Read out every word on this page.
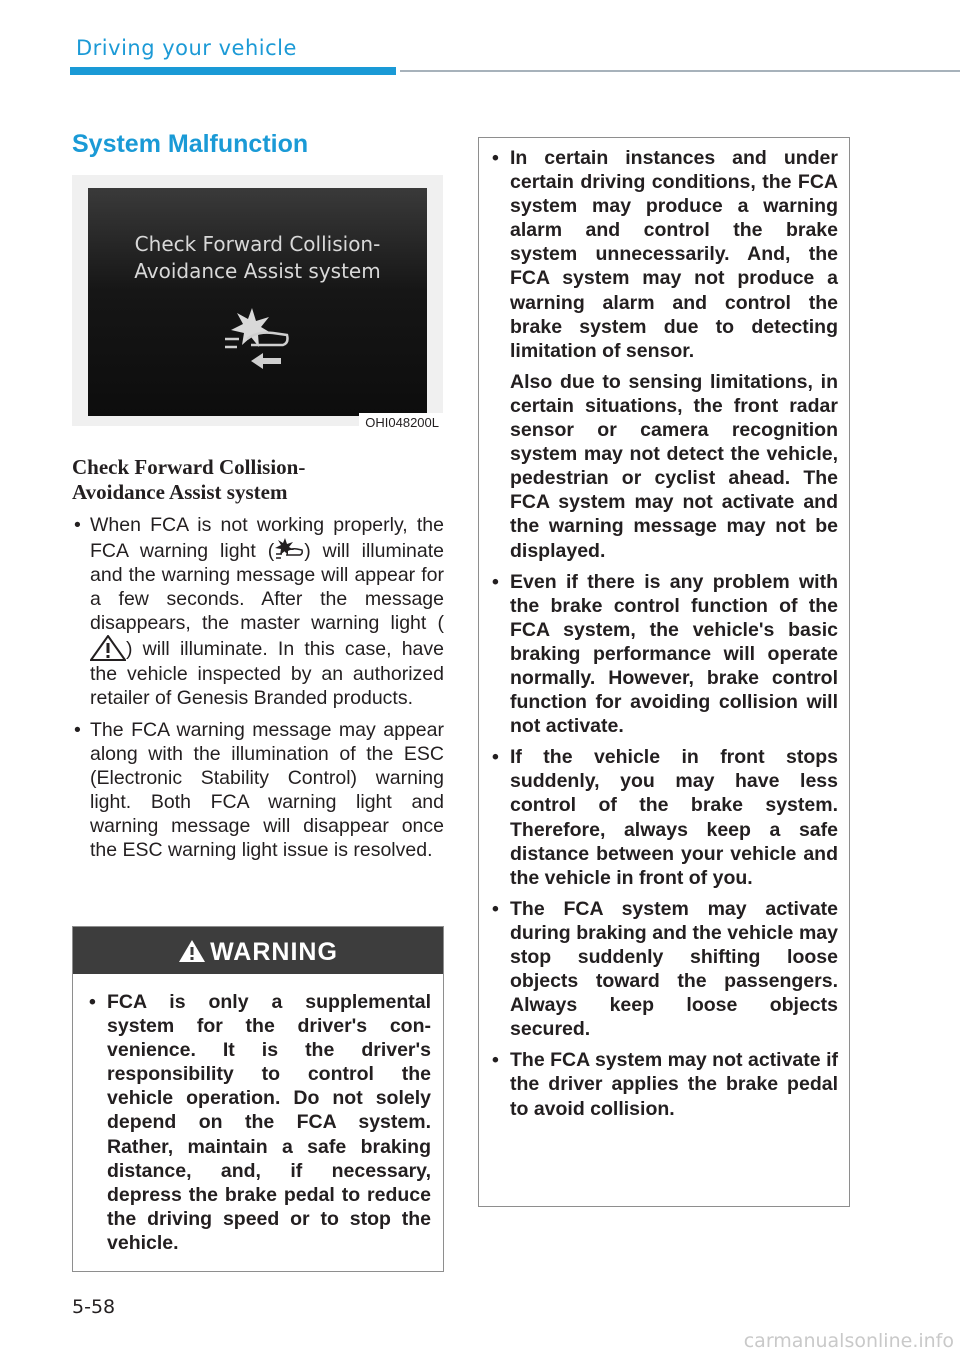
Driving your vehicle
System Malfunction
Check Forward Collision-
Avoidance Assist system
OHI048200L
Check Forward Collision-
Avoidance Assist system
• When FCA is not working properly, the FCA warning light ( ) will illuminate and the warning message will appear for a few seconds. After the message disappears, the master warning light () will illuminate. In this case, have the vehicle inspected by an authorized retailer of Genesis Branded products.
• The FCA warning message may appear along with the illumination of the ESC (Electronic Stability Control) warning light. Both FCA warning light and warning message will disappear once the ESC warning light issue is resolved.
WARNING
• FCA is only a supplemental system for the driver's convenience. It is the driver's responsibility to control the vehicle operation. Do not solely depend on the FCA system. Rather, maintain a safe braking distance, and, if necessary, depress the brake pedal to reduce the driving speed or to stop the vehicle.
• In certain instances and under certain driving conditions, the FCA system may produce a warning alarm and control the brake system unnecessarily. And, the FCA system may not produce a warning alarm and control the brake system due to detecting limitation of sensor.
Also due to sensing limitations, in certain situations, the front radar sensor or camera recognition system may not detect the vehicle, pedestrian or cyclist ahead. The FCA system may not activate and the warning message may not be displayed.
• Even if there is any problem with the brake control function of the FCA system, the vehicle's basic braking performance will operate normally. However, brake control function for avoiding collision will not activate.
• If the vehicle in front stops suddenly, you may have less control of the brake system. Therefore, always keep a safe distance between your vehicle and the vehicle in front of you.
• The FCA system may activate during braking and the vehicle may stop suddenly shifting loose objects toward the passengers. Always keep loose objects secured.
• The FCA system may not activate if the driver applies the brake pedal to avoid collision.
5-58
carmanualsonline.info
